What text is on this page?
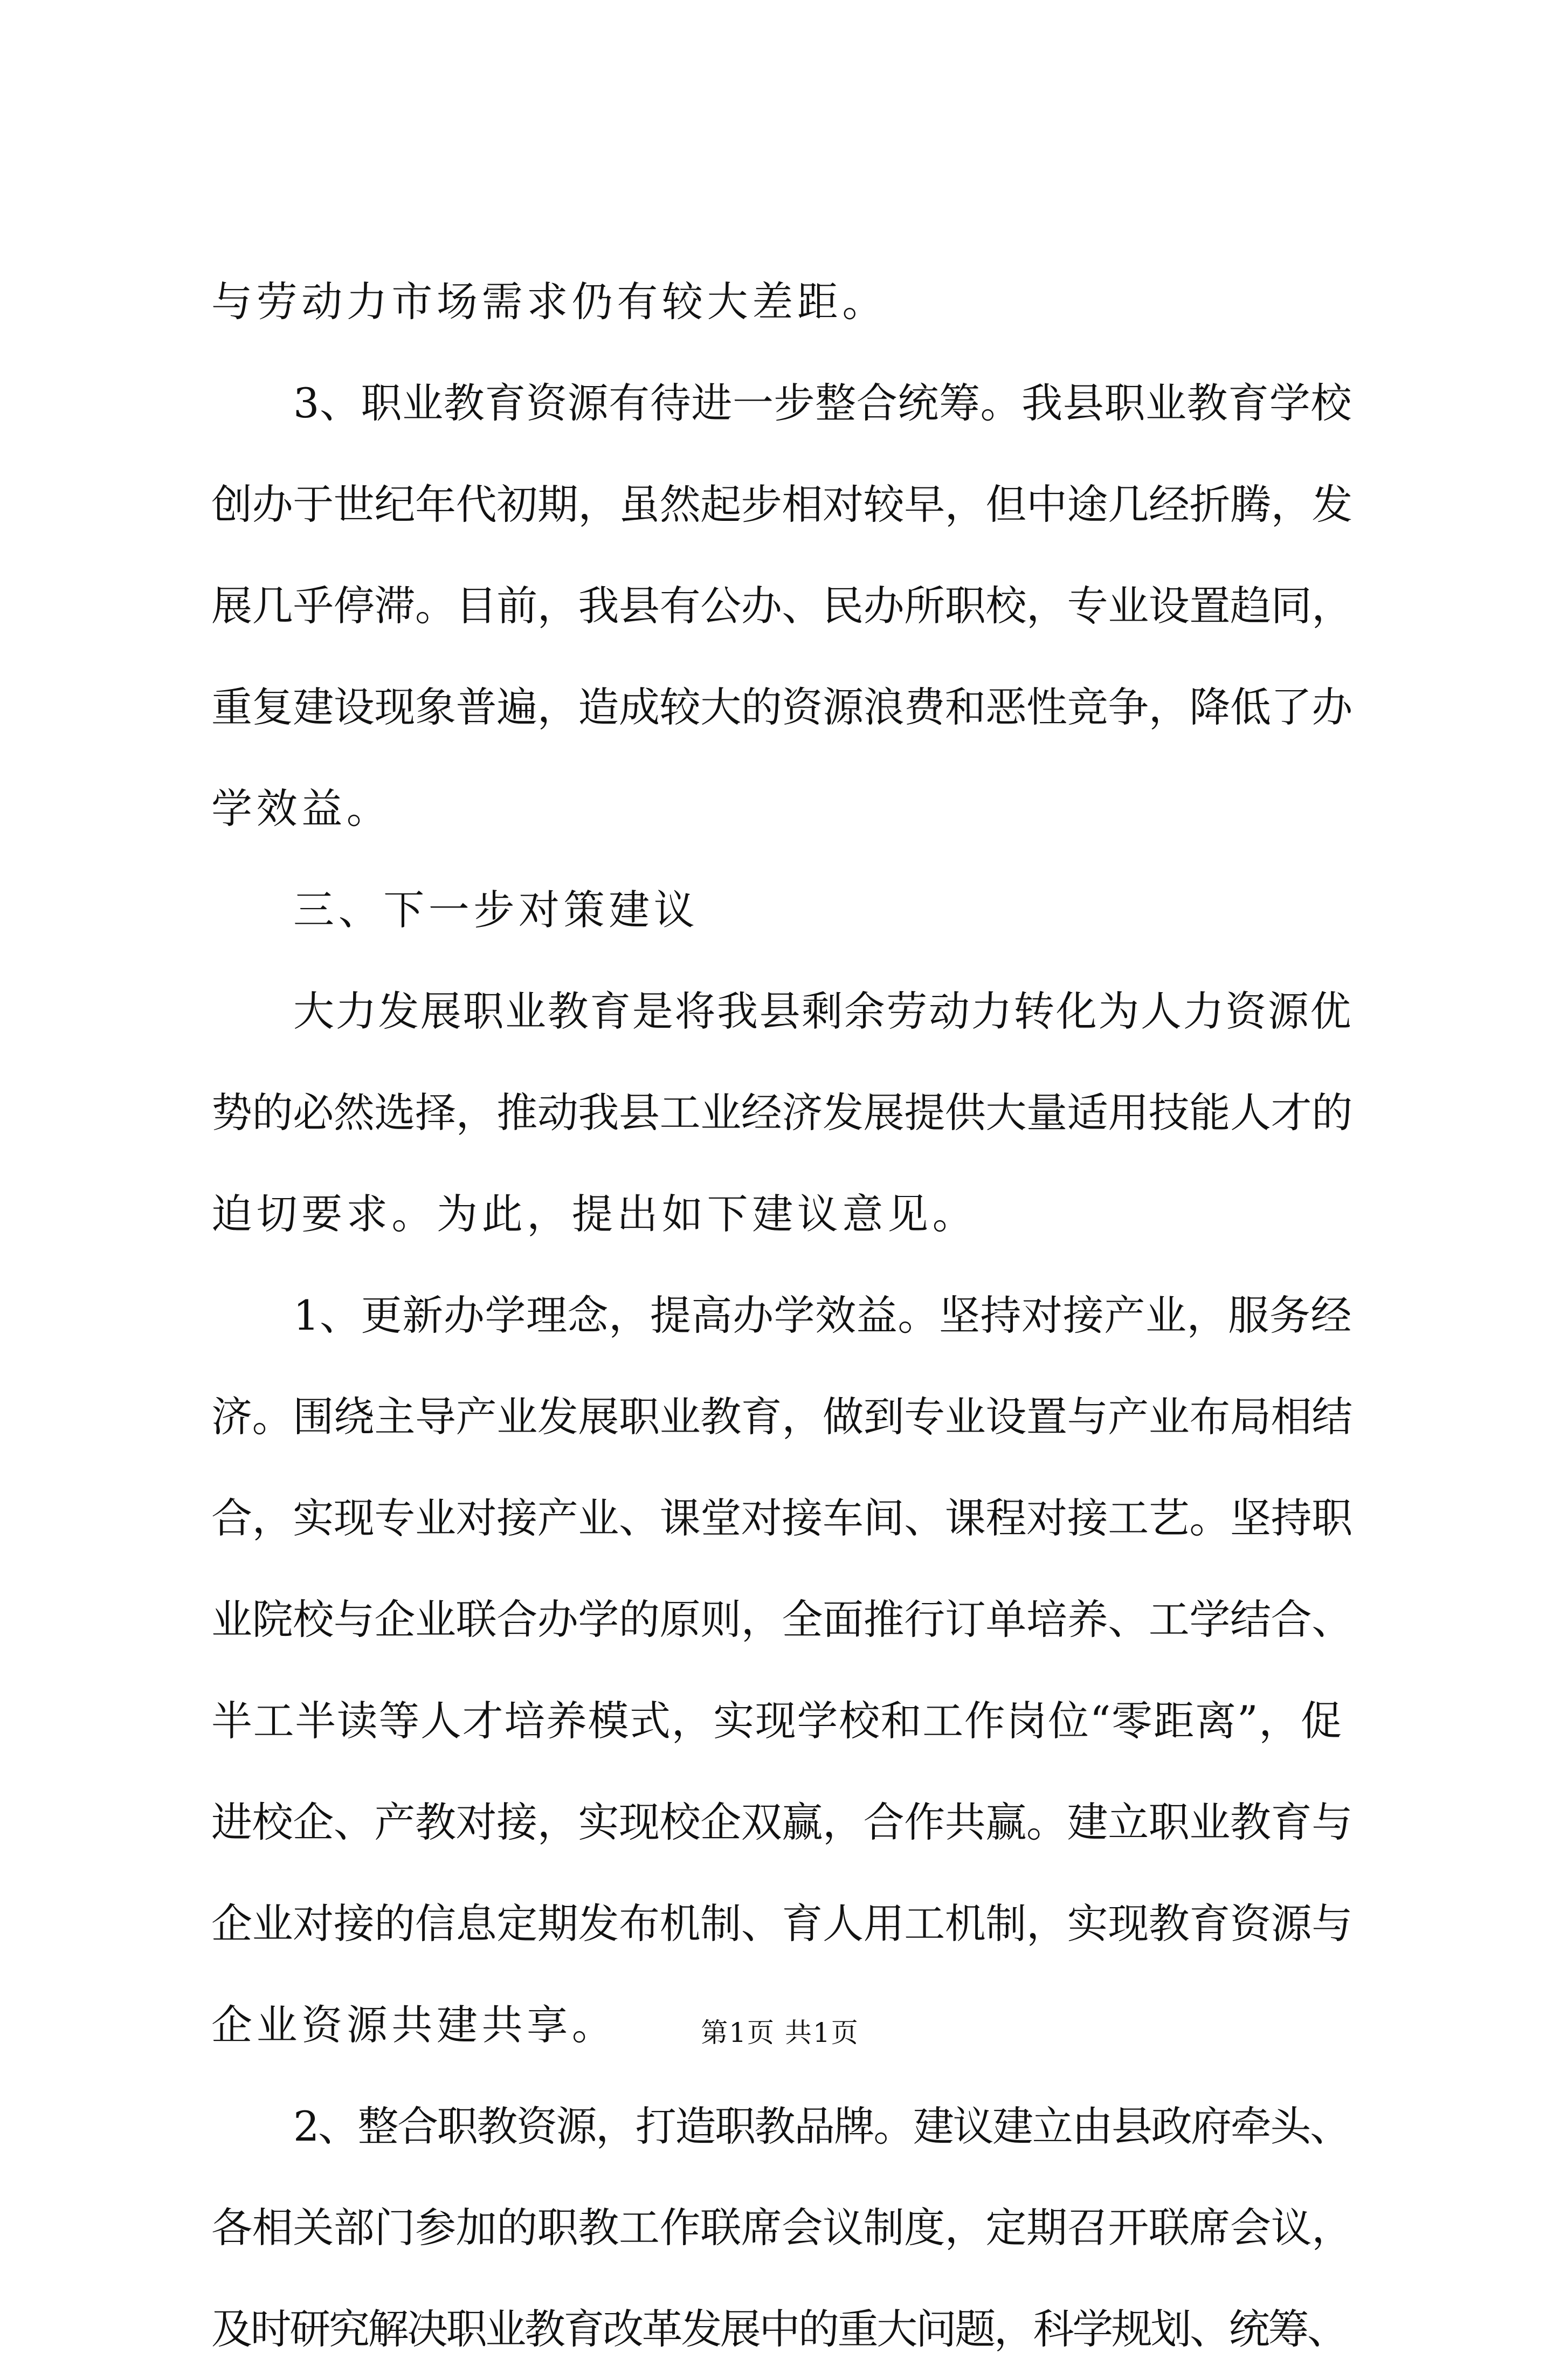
与劳动力市场需求仍有较大差距。
3、职业教育资源有待进一步整合统筹。我县职业教育学校
创办于世纪年代初期，虽然起步相对较早，但中途几经折腾，发
展几乎停滞。目前，我县有公办、民办所职校，专业设置趋同，
重复建设现象普遍，造成较大的资源浪费和恶性竞争，降低了办
学效益。
三、下一步对策建议
大力发展职业教育是将我县剩余劳动力转化为人力资源优
势的必然选择，推动我县工业经济发展提供大量适用技能人才的
迫切要求。为此，提出如下建议意见。
1、更新办学理念，提高办学效益。坚持对接产业，服务经
济。围绕主导产业发展职业教育，做到专业设置与产业布局相结
合，实现专业对接产业、课堂对接车间、课程对接工艺。坚持职
业院校与企业联合办学的原则，全面推行订单培养、工学结合、
半工半读等人才培养模式，实现学校和工作岗位“零距离”，促
进校企、产教对接，实现校企双赢，合作共赢。建立职业教育与
企业对接的信息定期发布机制、育人用工机制，实现教育资源与
企业资源共建共享。
2、整合职教资源，打造职教品牌。建议建立由县政府牵头、
各相关部门参加的职教工作联席会议制度，定期召开联席会议，
及时研究解决职业教育改革发展中的重大问题，科学规划、统筹、
第1页 共1页
